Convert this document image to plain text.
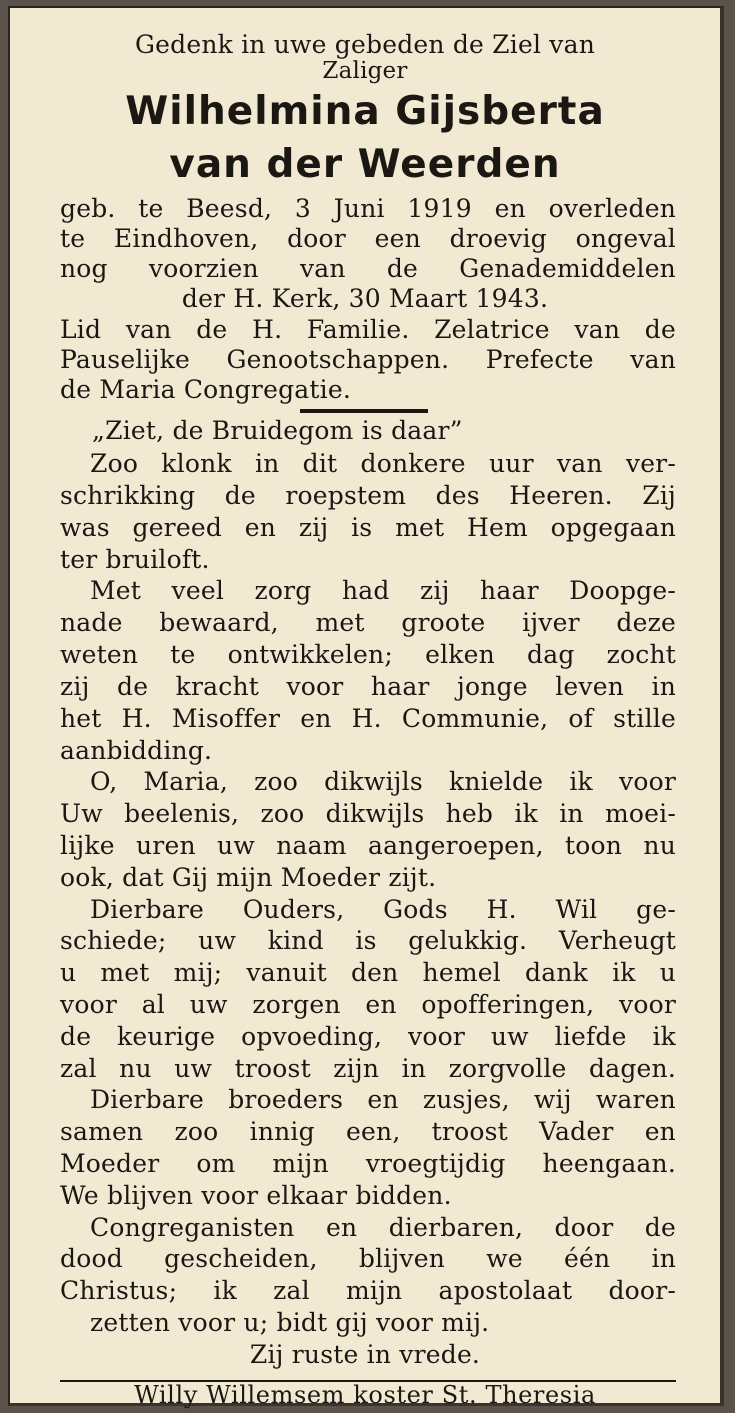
Gedenk in uwe gebeden de Ziel van
Zaliger
Wilhelmina Gijsberta
van der Weerden
geb. te Beesd, 3 Juni 1919 en overleden
te Eindhoven, door een droevig ongeval
nog voorzien van de Genademiddelen
der H. Kerk, 30 Maart 1943.
Lid van de H. Familie. Zelatrice van de
Pauselijke Genootschappen. Prefecte van
de Maria Congregatie.
„Ziet, de Bruidegom is daar”
Zoo klonk in dit donkere uur van ver-
schrikking de roepstem des Heeren. Zij
was gereed en zij is met Hem opgegaan
ter bruiloft.
Met veel zorg had zij haar Doopge-
nade bewaard, met groote ijver deze
weten te ontwikkelen; elken dag zocht
zij de kracht voor haar jonge leven in
het H. Misoffer en H. Communie, of stille
aanbidding.
O, Maria, zoo dikwijls knielde ik voor
Uw beelenis, zoo dikwijls heb ik in moei-
lijke uren uw naam aangeroepen, toon nu
ook, dat Gij mijn Moeder zijt.
Dierbare Ouders, Gods H. Wil ge-
schiede; uw kind is gelukkig. Verheugt
u met mij; vanuit den hemel dank ik u
voor al uw zorgen en opofferingen, voor
de keurige opvoeding, voor uw liefde ik
zal nu uw troost zijn in zorgvolle dagen.
Dierbare broeders en zusjes, wij waren
samen zoo innig een, troost Vader en
Moeder om mijn vroegtijdig heengaan.
We blijven voor elkaar bidden.
Congreganisten en dierbaren, door de
dood gescheiden, blijven we één in
Christus; ik zal mijn apostolaat door-
zetten voor u; bidt gij voor mij.
Zij ruste in vrede.
Willy Willemsem koster St. Theresia
